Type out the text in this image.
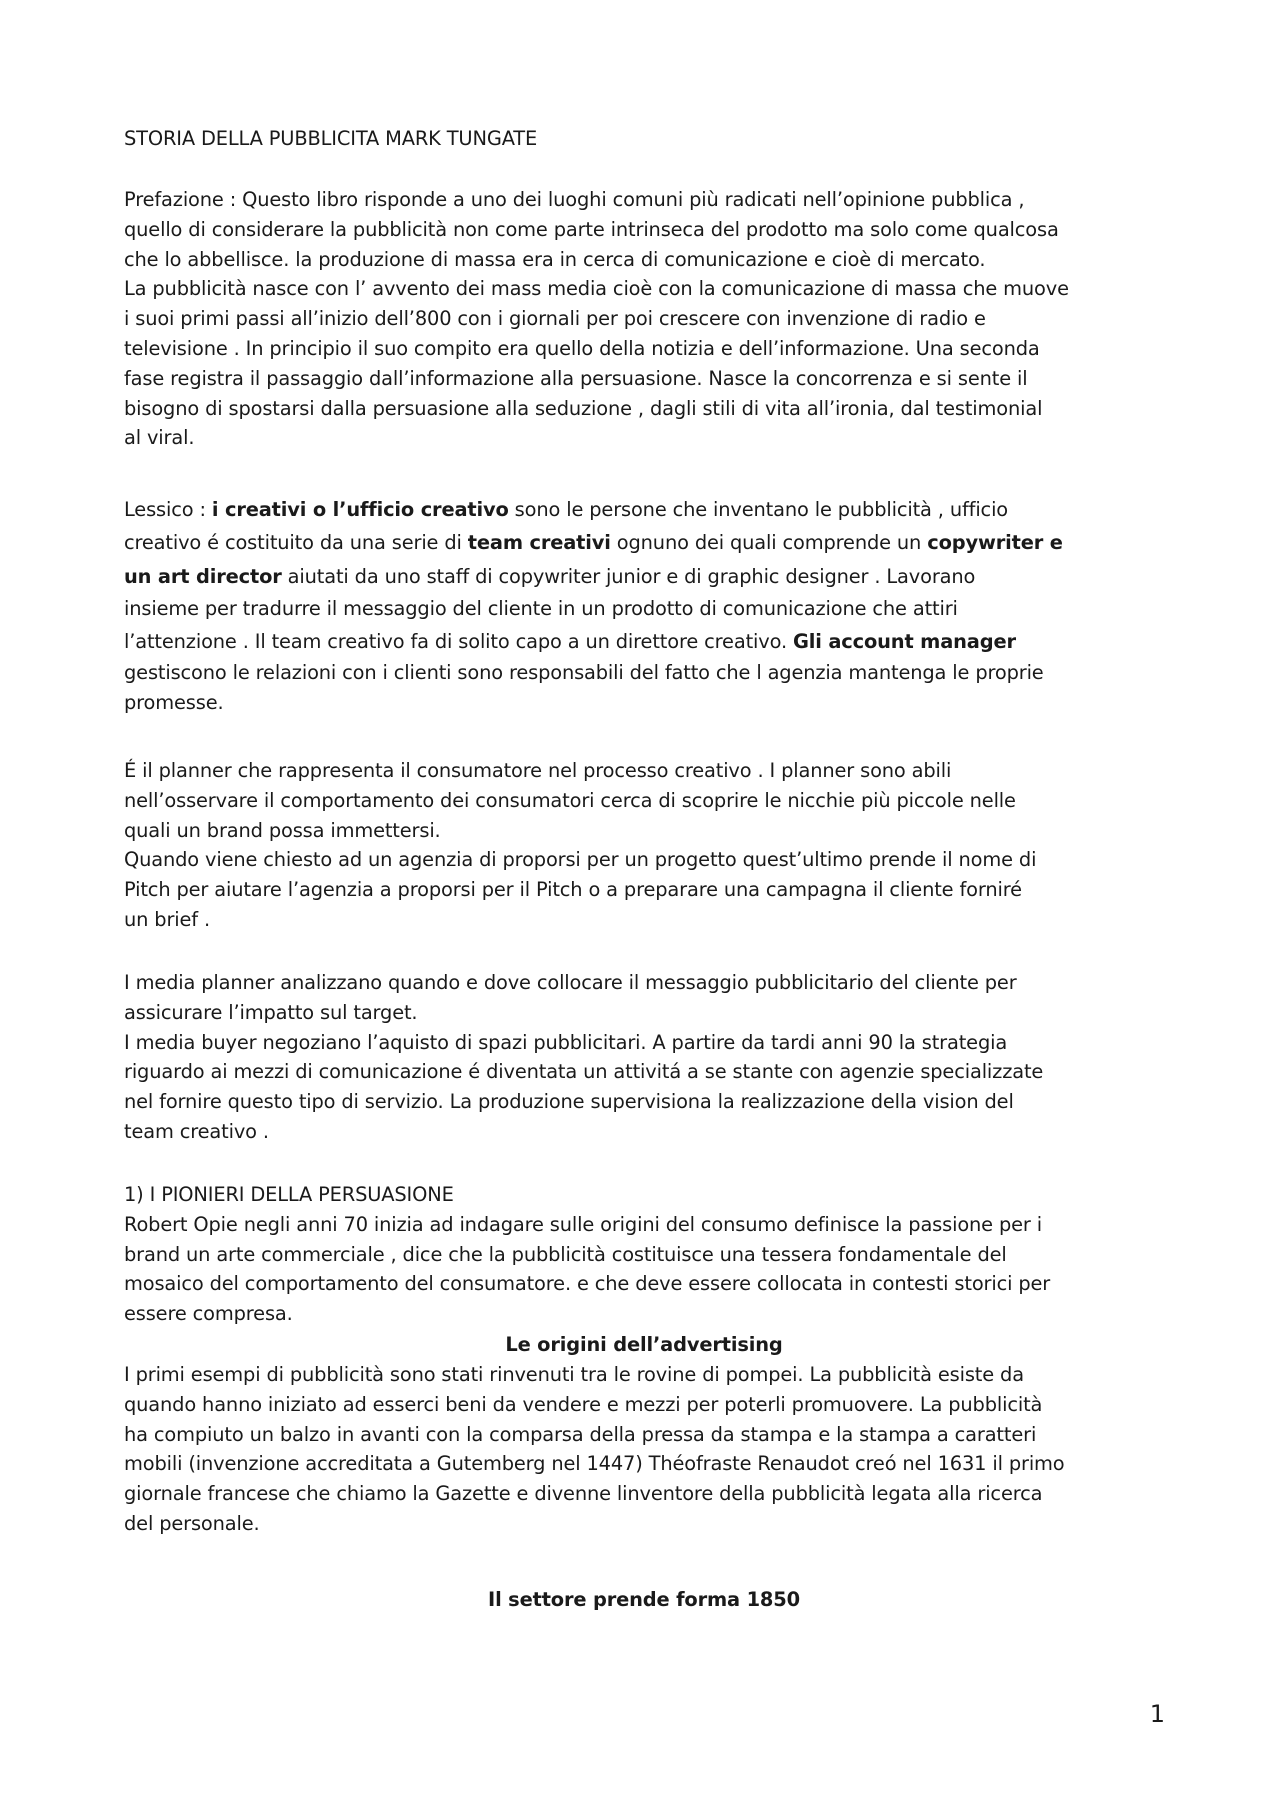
STORIA DELLA PUBBLICITA MARK TUNGATE

Prefazione : Questo libro risponde a uno dei luoghi comuni più radicati nell’opinione pubblica ,

quello di considerare la pubblicità non come parte intrinseca del prodotto ma solo come qualcosa

che lo abbellisce. la produzione di massa era in cerca di comunicazione e cioè di mercato.

La pubblicità nasce con l’ avvento dei mass media cioè con la comunicazione di massa che muove

i suoi primi passi all’inizio dell’800 con i giornali per poi crescere con invenzione di radio e

televisione . In principio il suo compito era quello della notizia e dell’informazione. Una seconda

fase registra il passaggio dall’informazione alla persuasione. Nasce la concorrenza e si sente il

bisogno di spostarsi dalla persuasione alla seduzione , dagli stili di vita all’ironia, dal testimonial

al viral.

Lessico : i creativi o l’ufficio creativo sono le persone che inventano le pubblicità , ufficio

creativo é costituito da una serie di team creativi ognuno dei quali comprende un copywriter e

un art director aiutati da uno staff di copywriter junior e di graphic designer . Lavorano

insieme per tradurre il messaggio del cliente in un prodotto di comunicazione che attiri

l’attenzione . Il team creativo fa di solito capo a un direttore creativo. Gli account manager

gestiscono le relazioni con i clienti sono responsabili del fatto che l agenzia mantenga le proprie

promesse.

É il planner che rappresenta il consumatore nel processo creativo . I planner sono abili

nell’osservare il comportamento dei consumatori cerca di scoprire le nicchie più piccole nelle

quali un brand possa immettersi.

Quando viene chiesto ad un agenzia di proporsi per un progetto quest’ultimo prende il nome di

Pitch per aiutare l’agenzia a proporsi per il Pitch o a preparare una campagna il cliente forniré

un brief .

I media planner analizzano quando e dove collocare il messaggio pubblicitario del cliente per

assicurare l’impatto sul target.

I media buyer negoziano l’aquisto di spazi pubblicitari. A partire da tardi anni 90 la strategia

riguardo ai mezzi di comunicazione é diventata un attivitá a se stante con agenzie specializzate

nel fornire questo tipo di servizio. La produzione supervisiona la realizzazione della vision del

team creativo .

1) I PIONIERI DELLA PERSUASIONE

Robert Opie negli anni 70 inizia ad indagare sulle origini del consumo definisce la passione per i

brand un arte commerciale , dice che la pubblicità costituisce una tessera fondamentale del

mosaico del comportamento del consumatore. e che deve essere collocata in contesti storici per

essere compresa.

Le origini dell’advertising

I primi esempi di pubblicità sono stati rinvenuti tra le rovine di pompei. La pubblicità esiste da

quando hanno iniziato ad esserci beni da vendere e mezzi per poterli promuovere. La pubblicità

ha compiuto un balzo in avanti con la comparsa della pressa da stampa e la stampa a caratteri

mobili (invenzione accreditata a Gutemberg nel 1447) Théofraste Renaudot creó nel 1631 il primo

giornale francese che chiamo la Gazette e divenne linventore della pubblicità legata alla ricerca

del personale.

Il settore prende forma 1850

1
